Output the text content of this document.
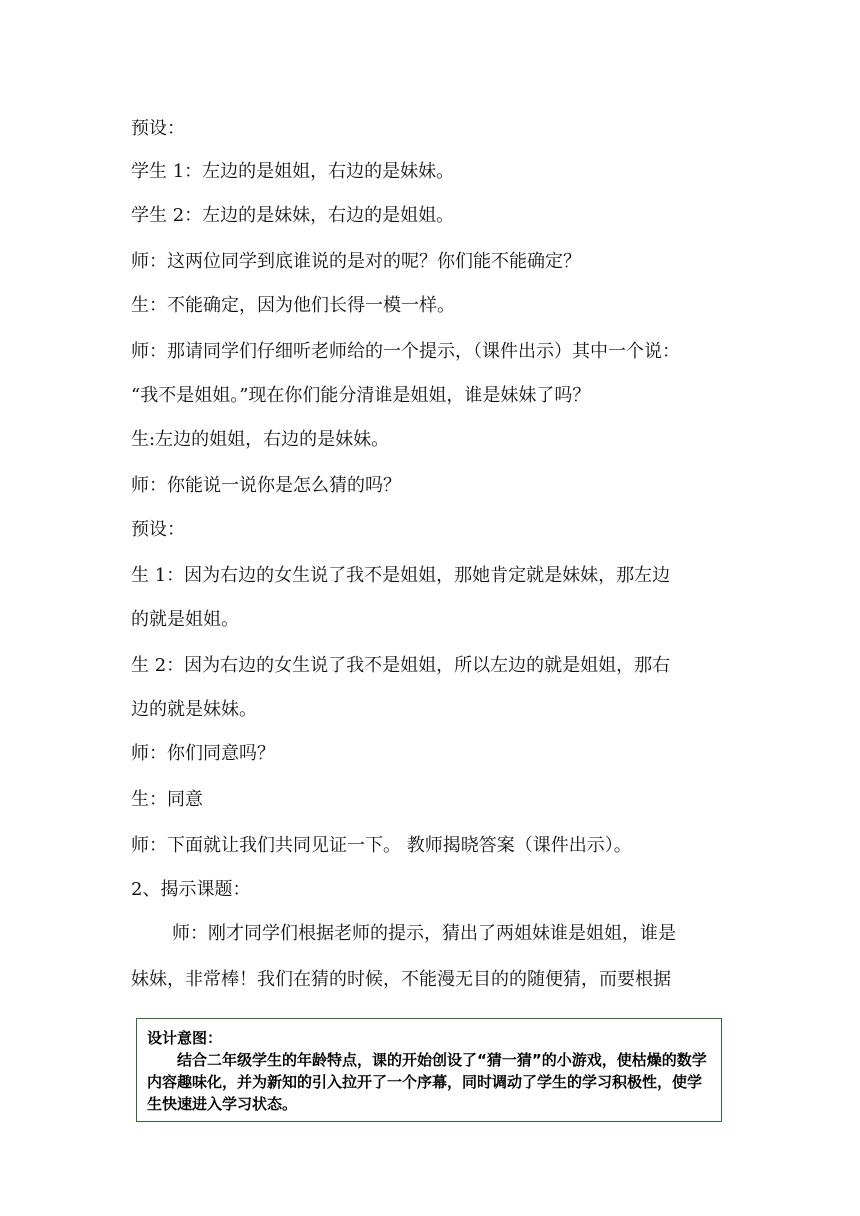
预设：
学生 1：左边的是姐姐，右边的是妹妹。
学生 2：左边的是妹妹，右边的是姐姐。
师：这两位同学到底谁说的是对的呢？你们能不能确定？
生：不能确定，因为他们长得一模一样。
师：那请同学们仔细听老师给的一个提示，（课件出示）其中一个说：
“我不是姐姐。”现在你们能分清谁是姐姐，谁是妹妹了吗？
生:左边的姐姐，右边的是妹妹。
师：你能说一说你是怎么猜的吗？
预设：
生 1：因为右边的女生说了我不是姐姐，那她肯定就是妹妹，那左边
的就是姐姐。
生 2：因为右边的女生说了我不是姐姐，所以左边的就是姐姐，那右
边的就是妹妹。
师：你们同意吗？
生：同意
师：下面就让我们共同见证一下。 教师揭晓答案（课件出示）。
2、揭示课题：
师：刚才同学们根据老师的提示，猜出了两姐妹谁是姐姐，谁是
妹妹，非常棒！我们在猜的时候，不能漫无目的的随便猜，而要根据
设计意图：
结合二年级学生的年龄特点，课的开始创设了“猜一猜”的小游戏，使枯燥的数学内容趣味化，并为新知的引入拉开了一个序幕，同时调动了学生的学习积极性，使学生快速进入学习状态。
